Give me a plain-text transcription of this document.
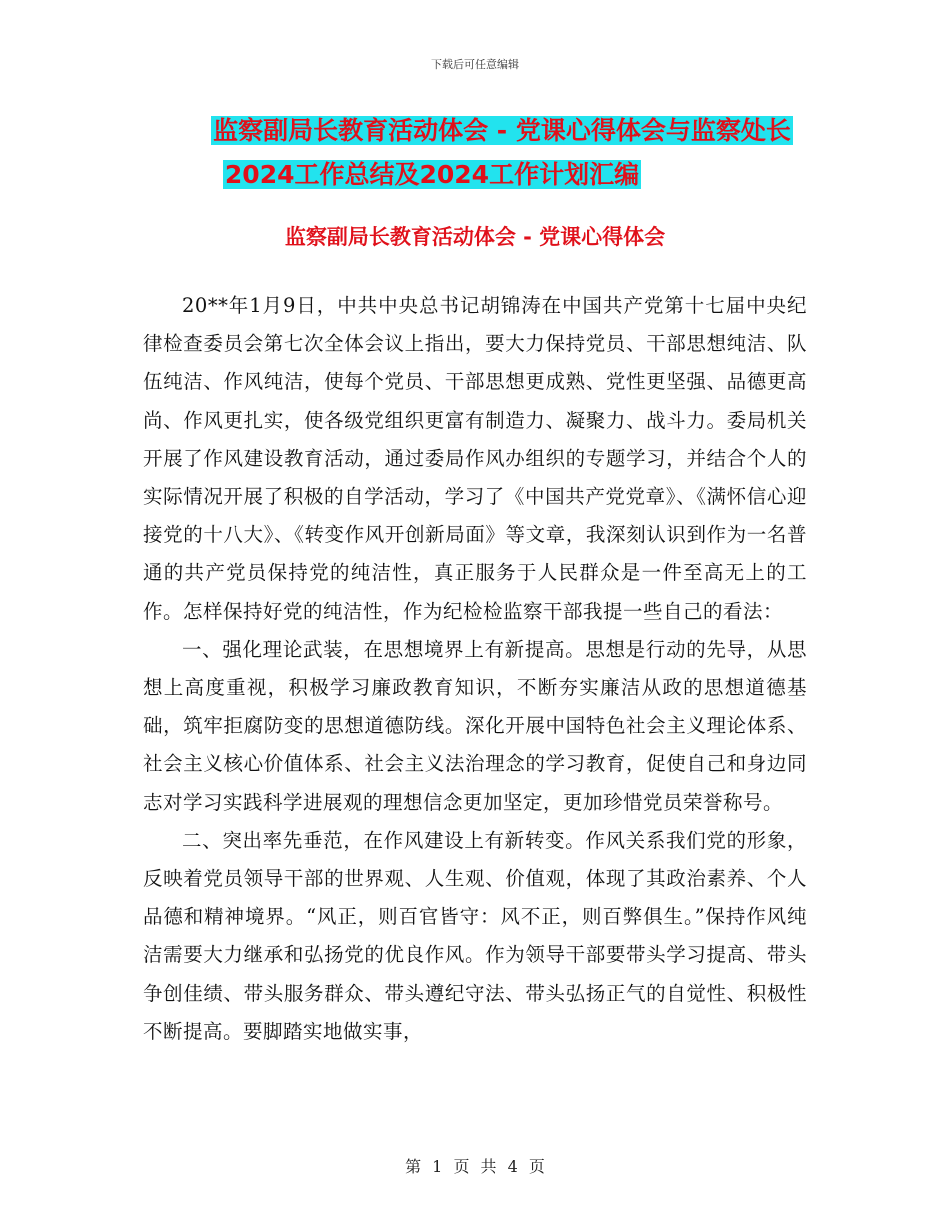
下载后可任意编辑
监察副局长教育活动体会 - 党课心得体会与监察处长
2024工作总结及2024工作计划汇编
监察副局长教育活动体会 - 党课心得体会

20**年1月9日，中共中央总书记胡锦涛在中国共产党第十七届中央纪律检查委员会第七次全体会议上指出，要大力保持党员、干部思想纯洁、队伍纯洁、作风纯洁，使每个党员、干部思想更成熟、党性更坚强、品德更高尚、作风更扎实，使各级党组织更富有制造力、凝聚力、战斗力。委局机关开展了作风建设教育活动，通过委局作风办组织的专题学习，并结合个人的实际情况开展了积极的自学活动，学习了《中国共产党党章》、《满怀信心迎接党的十八大》、《转变作风开创新局面》等文章，我深刻认识到作为一名普通的共产党员保持党的纯洁性，真正服务于人民群众是一件至高无上的工作。怎样保持好党的纯洁性，作为纪检检监察干部我提一些自己的看法：

一、强化理论武装，在思想境界上有新提高。思想是行动的先导，从思想上高度重视，积极学习廉政教育知识，不断夯实廉洁从政的思想道德基础，筑牢拒腐防变的思想道德防线。深化开展中国特色社会主义理论体系、社会主义核心价值体系、社会主义法治理念的学习教育，促使自己和身边同志对学习实践科学进展观的理想信念更加坚定，更加珍惜党员荣誉称号。

二、突出率先垂范，在作风建设上有新转变。作风关系我们党的形象，反映着党员领导干部的世界观、人生观、价值观，体现了其政治素养、个人品德和精神境界。“风正，则百官皆守：风不正，则百弊俱生。”保持作风纯洁需要大力继承和弘扬党的优良作风。作为领导干部要带头学习提高、带头争创佳绩、带头服务群众、带头遵纪守法、带头弘扬正气的自觉性、积极性不断提高。要脚踏实地做实事，

第 1 页 共 4 页
